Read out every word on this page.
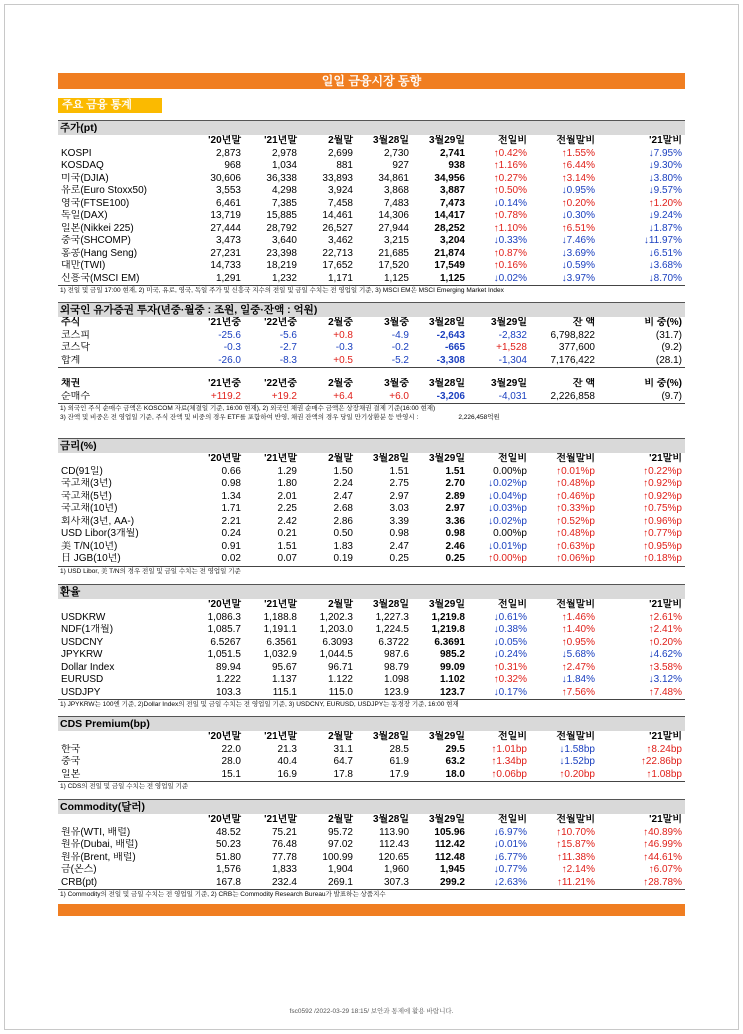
일일 금융시장 동향
주요 금융 통계
주가(pt)
	'20년말	'21년말	2월말	3월28일	3월29일	전일비	전월말비	'21말비
KOSPI	2,873	2,978	2,699	2,730	2,741	↑0.42%	↑1.55%	↓7.95%
KOSDAQ	968	1,034	881	927	938	↑1.16%	↑6.44%	↓9.30%
미국(DJIA)	30,606	36,338	33,893	34,861	34,956	↑0.27%	↑3.14%	↓3.80%
유로(Euro Stoxx50)	3,553	4,298	3,924	3,868	3,887	↑0.50%	↓0.95%	↓9.57%
영국(FTSE100)	6,461	7,385	7,458	7,483	7,473	↓0.14%	↑0.20%	↑1.20%
독일(DAX)	13,719	15,885	14,461	14,306	14,417	↑0.78%	↓0.30%	↓9.24%
일본(Nikkei 225)	27,444	28,792	26,527	27,944	28,252	↑1.10%	↑6.51%	↓1.87%
중국(SHCOMP)	3,473	3,640	3,462	3,215	3,204	↓0.33%	↓7.46%	↓11.97%
홍콩(Hang Seng)	27,231	23,398	22,713	21,685	21,874	↑0.87%	↓3.69%	↓6.51%
대만(TWI)	14,733	18,219	17,652	17,520	17,549	↑0.16%	↓0.59%	↓3.68%
신흥국(MSCI EM)	1,291	1,232	1,171	1,125	1,125	↓0.02%	↓3.97%	↓8.70%
1) 전일 및 금일 17:00 현재, 2) 미국, 유로, 영국, 독일 주가 및 신흥국 지수의 전일 및 금일 수치는 전 영업일 기준, 3) MSCI EM은 MSCI Emerging Market Index
외국인 유가증권 투자(년중·월중 : 조원, 일중·잔액 : 억원)
주식	'21년중	'22년중	2월중	3월중	3월28일	3월29일	잔 액	비 중(%)
코스피	-25.6	-5.6	+0.8	-4.9	-2,643	-2,832	6,798,822	(31.7)
코스닥	-0.3	-2.7	-0.3	-0.2	-665	+1,528	377,600	(9.2)
합계	-26.0	-8.3	+0.5	-5.2	-3,308	-1,304	7,176,422	(28.1)
채권	'21년중	'22년중	2월중	3월중	3월28일	3월29일	잔 액	비 중(%)
순매수	+119.2	+19.2	+6.4	+6.0	-3,206	-4,031	2,226,858	(9.7)
1) 외국인 주식 순매수 금액은 KOSCOM 자료(체결일 기준, 16:00 현재), 2) 외국인 채권 순매수 금액은 상장채권 결제 기준(16:00 현재)
3) 잔액 및 비중은 전 영업일 기준, 주식 잔액 및 비중의 경우 ETF를 포함하여 반영, 채권 잔액의 경우 당일 만기상환분 등 반영시 :	2,226,458억원
금리(%)
	'20년말	'21년말	2월말	3월28일	3월29일	전일비	전월말비	'21말비
CD(91일)	0.66	1.29	1.50	1.51	1.51	0.00%p	↑0.01%p	↑0.22%p
국고채(3년)	0.98	1.80	2.24	2.75	2.70	↓0.02%p	↑0.48%p	↑0.92%p
국고채(5년)	1.34	2.01	2.47	2.97	2.89	↓0.04%p	↑0.46%p	↑0.92%p
국고채(10년)	1.71	2.25	2.68	3.03	2.97	↓0.03%p	↑0.33%p	↑0.75%p
회사채(3년, AA-)	2.21	2.42	2.86	3.39	3.36	↓0.02%p	↑0.52%p	↑0.96%p
USD Libor(3개월)	0.24	0.21	0.50	0.98	0.98	0.00%p	↑0.48%p	↑0.77%p
美 T/N(10년)	0.91	1.51	1.83	2.47	2.46	↓0.01%p	↑0.63%p	↑0.95%p
日 JGB(10년)	0.02	0.07	0.19	0.25	0.25	↑0.00%p	↑0.06%p	↑0.18%p
1) USD Libor, 美 T/N의 경우 전일 및 금일 수치는 전 영업일 기준
환율
	'20년말	'21년말	2월말	3월28일	3월29일	전일비	전월말비	'21말비
USDKRW	1,086.3	1,188.8	1,202.3	1,227.3	1,219.8	↓0.61%	↑1.46%	↑2.61%
NDF(1개월)	1,085.7	1,191.1	1,203.0	1,224.5	1,219.8	↓0.38%	↑1.40%	↑2.41%
USDCNY	6.5267	6.3561	6.3093	6.3722	6.3691	↓0.05%	↑0.95%	↑0.20%
JPYKRW	1,051.5	1,032.9	1,044.5	987.6	985.2	↓0.24%	↓5.68%	↓4.62%
Dollar Index	89.94	95.67	96.71	98.79	99.09	↑0.31%	↑2.47%	↑3.58%
EURUSD	1.222	1.137	1.122	1.098	1.102	↑0.32%	↓1.84%	↓3.12%
USDJPY	103.3	115.1	115.0	123.9	123.7	↓0.17%	↑7.56%	↑7.48%
1) JPYKRW는 100엔 기준, 2)Dollar Index의 전일 및 금일 수치는 전 영업일 기준, 3) USDCNY, EURUSD, USDJPY는 동경장 기준, 16:00 현재
CDS Premium(bp)
	'20년말	'21년말	2월말	3월28일	3월29일	전일비	전월말비	'21말비
한국	22.0	21.3	31.1	28.5	29.5	↑1.01bp	↓1.58bp	↑8.24bp
중국	28.0	40.4	64.7	61.9	63.2	↑1.34bp	↓1.52bp	↑22.86bp
일본	15.1	16.9	17.8	17.9	18.0	↑0.06bp	↑0.20bp	↑1.08bp
1) CDS의 전일 및 금일 수치는 전 영업일 기준
Commodity(달러)
	'20년말	'21년말	2월말	3월28일	3월29일	전일비	전월말비	'21말비
원유(WTI, 배럴)	48.52	75.21	95.72	113.90	105.96	↓6.97%	↑10.70%	↑40.89%
원유(Dubai, 배럴)	50.23	76.48	97.02	112.43	112.42	↓0.01%	↑15.87%	↑46.99%
원유(Brent, 배럴)	51.80	77.78	100.99	120.65	112.48	↓6.77%	↑11.38%	↑44.61%
금(온스)	1,576	1,833	1,904	1,960	1,945	↓0.77%	↑2.14%	↑6.07%
CRB(pt)	167.8	232.4	269.1	307.3	299.2	↓2.63%	↑11.21%	↑28.78%
1) Commodity의 전일 및 금일 수치는 전 영업일 기준, 2) CRB는 Commodity Research Bureau가 발표하는 상품지수
fsc0592 /2022-03-29 18:15/ 보안과 통제에 활용 바랍니다.
